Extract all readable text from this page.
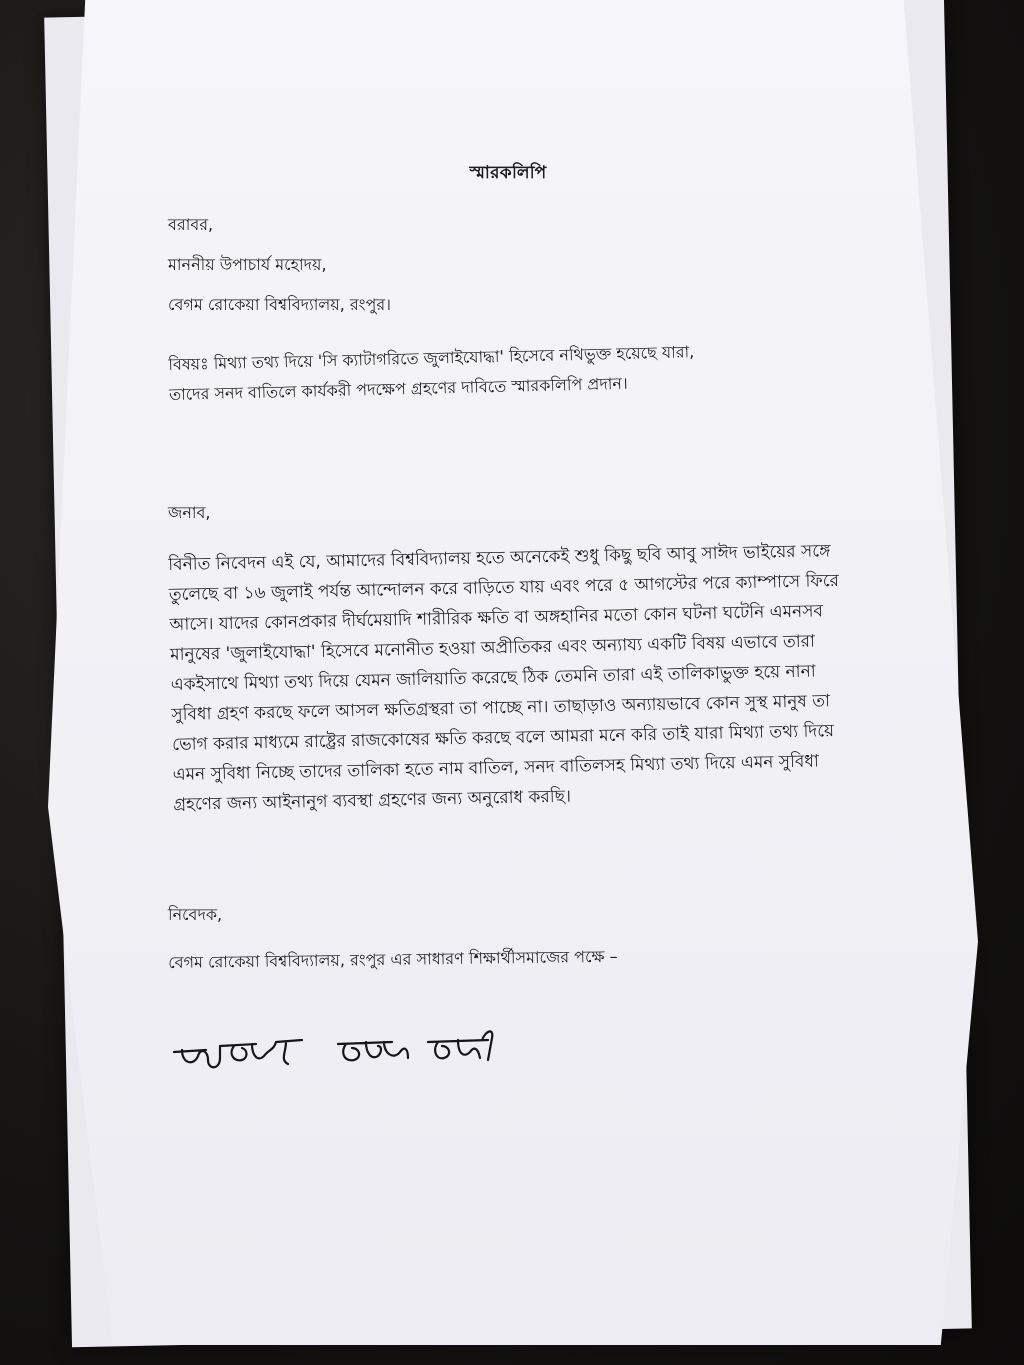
স্মারকলিপি

বরাবর,

মাননীয় উপাচার্য মহোদয়,

বেগম রোকেয়া বিশ্ববিদ্যালয়, রংপুর।

বিষয়ঃ মিথ্যা তথ্য দিয়ে 'সি ক্যাটাগরিতে জুলাইযোদ্ধা' হিসেবে নথিভুক্ত হয়েছে যারা,

তাদের সনদ বাতিলে কার্যকরী পদক্ষেপ গ্রহণের দাবিতে স্মারকলিপি প্রদান।

জনাব,

বিনীত নিবেদন এই যে, আমাদের বিশ্ববিদ্যালয় হতে অনেকেই শুধু কিছু ছবি আবু সাঈদ ভাইয়ের সঙ্গে তুলেছে বা ১৬ জুলাই পর্যন্ত আন্দোলন করে বাড়িতে যায় এবং পরে ৫ আগস্টের পরে ক্যাম্পাসে ফিরে আসে। যাদের কোনপ্রকার দীর্ঘমেয়াদি শারীরিক ক্ষতি বা অঙ্গহানির মতো কোন ঘটনা ঘটেনি এমনসব মানুষের 'জুলাইযোদ্ধা' হিসেবে মনোনীত হওয়া অপ্রীতিকর এবং অন্যায্য একটি বিষয় এভাবে তারা একইসাথে মিথ্যা তথ্য দিয়ে যেমন জালিয়াতি করেছে ঠিক তেমনি তারা এই তালিকাভুক্ত হয়ে নানা সুবিধা গ্রহণ করছে ফলে আসল ক্ষতিগ্রস্থরা তা পাচ্ছে না। তাছাড়াও অন্যায়ভাবে কোন সুস্থ মানুষ তা ভোগ করার মাধ্যমে রাষ্ট্রের রাজকোষের ক্ষতি করছে বলে আমরা মনে করি তাই যারা মিথ্যা তথ্য দিয়ে এমন সুবিধা নিচ্ছে তাদের তালিকা হতে নাম বাতিল, সনদ বাতিলসহ মিথ্যা তথ্য দিয়ে এমন সুবিধা গ্রহণের জন্য আইনানুগ ব্যবস্থা গ্রহণের জন্য অনুরোধ করছি।

নিবেদক,

বেগম রোকেয়া বিশ্ববিদ্যালয়, রংপুর এর সাধারণ শিক্ষার্থীসমাজের পক্ষে –
